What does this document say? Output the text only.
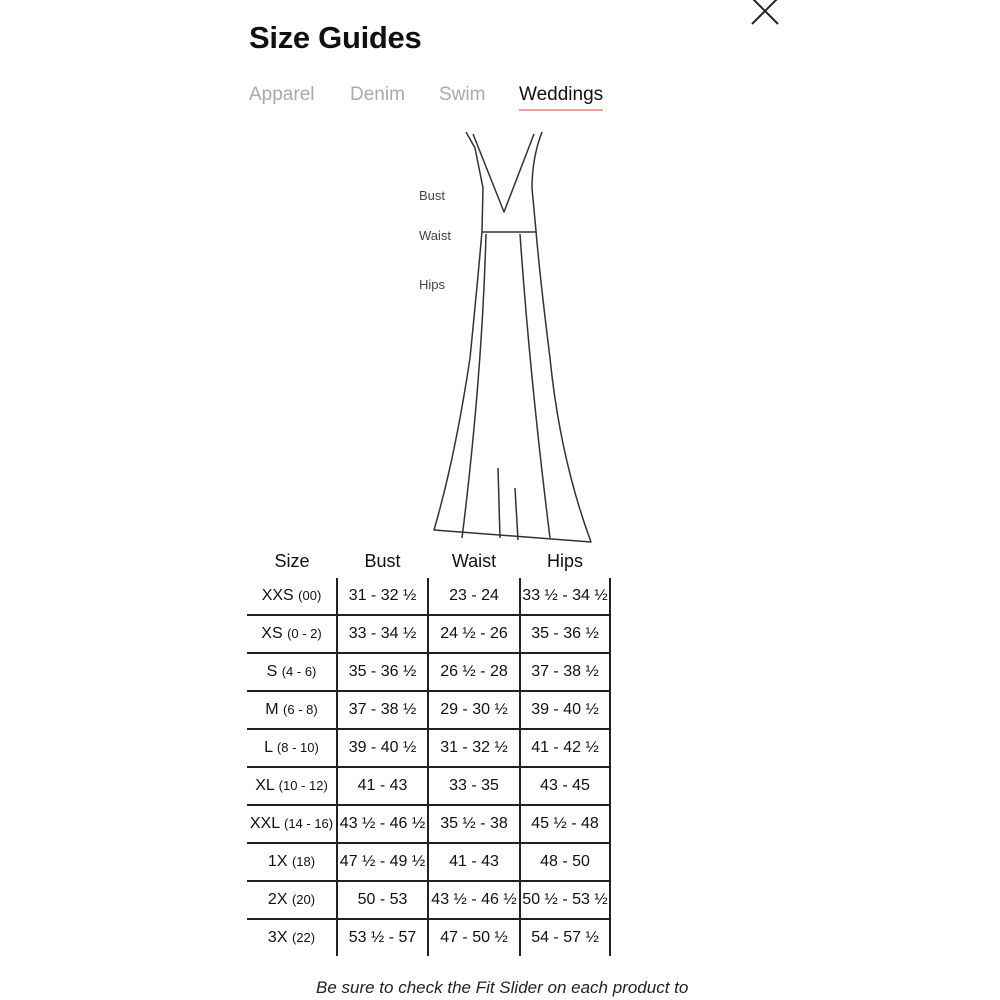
Size Guides
Apparel Denim Swim Weddings
Bust
Waist
Hips
Size	Bust	Waist	Hips
XXS (00)	31 - 32 ½	23 - 24	33 ½ - 34 ½
XS (0 - 2)	33 - 34 ½	24 ½ - 26	35 - 36 ½
S (4 - 6)	35 - 36 ½	26 ½ - 28	37 - 38 ½
M (6 - 8)	37 - 38 ½	29 - 30 ½	39 - 40 ½
L (8 - 10)	39 - 40 ½	31 - 32 ½	41 - 42 ½
XL (10 - 12)	41 - 43	33 - 35	43 - 45
XXL (14 - 16)	43 ½ - 46 ½	35 ½ - 38	45 ½ - 48
1X (18)	47 ½ - 49 ½	41 - 43	48 - 50
2X (20)	50 - 53	43 ½ - 46 ½	50 ½ - 53 ½
3X (22)	53 ½ - 57	47 - 50 ½	54 - 57 ½
Be sure to check the Fit Slider on each product to
